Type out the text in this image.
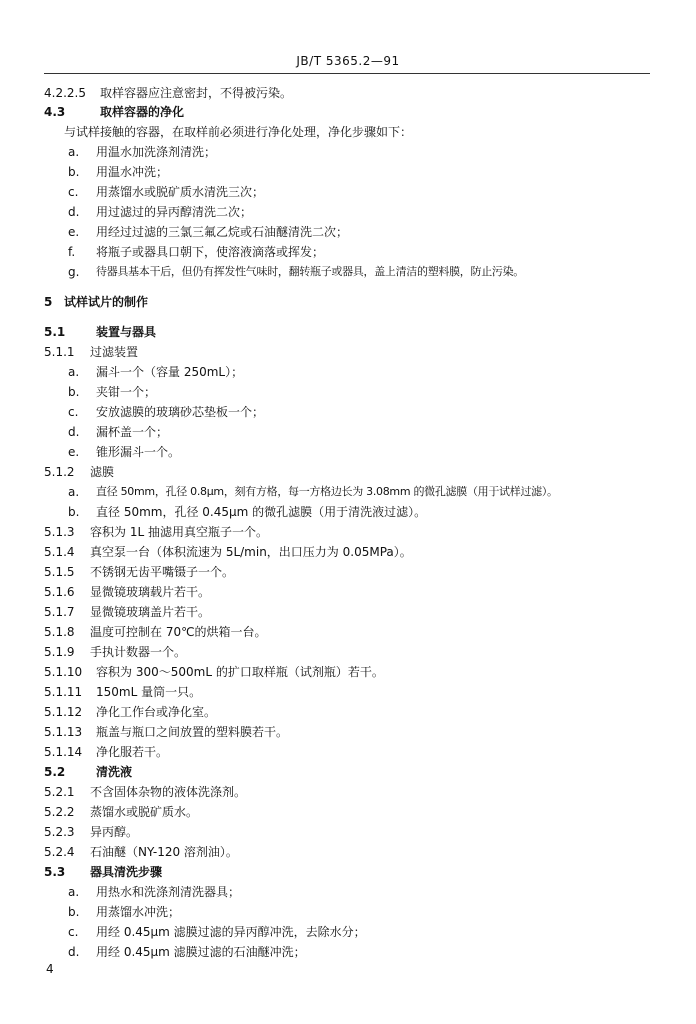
JB/T 5365.2—91
4.2.2.5 取样容器应注意密封，不得被污染。
4.3	取样容器的净化
与试样接触的容器，在取样前必须进行净化处理，净化步骤如下：
a. 用温水加洗涤剂清洗；
b. 用温水冲洗；
c. 用蒸馏水或脱矿质水清洗三次；
d. 用过滤过的异丙醇清洗二次；
e. 用经过过滤的三氯三氟乙烷或石油醚清洗二次；
f. 将瓶子或器具口朝下，使溶液滴落或挥发；
g. 待器具基本干后，但仍有挥发性气味时，翻转瓶子或器具，盖上清洁的塑料膜，防止污染。
5 试样试片的制作
5.1	装置与器具
5.1.1 过滤装置
a. 漏斗一个（容量 250mL）；
b. 夹钳一个；
c. 安放滤膜的玻璃砂芯垫板一个；
d. 漏杯盖一个；
e. 锥形漏斗一个。
5.1.2 滤膜
a. 直径 50mm，孔径 0.8μm，刻有方格，每一方格边长为 3.08mm 的微孔滤膜（用于试样过滤）。
b. 直径 50mm，孔径 0.45μm 的微孔滤膜（用于清洗液过滤）。
5.1.3 容积为 1L 抽滤用真空瓶子一个。
5.1.4 真空泵一台（体积流速为 5L/min，出口压力为 0.05MPa）。
5.1.5 不锈钢无齿平嘴镊子一个。
5.1.6 显微镜玻璃载片若干。
5.1.7 显微镜玻璃盖片若干。
5.1.8 温度可控制在 70℃的烘箱一台。
5.1.9 手执计数器一个。
5.1.10 容积为 300～500mL 的扩口取样瓶（试剂瓶）若干。
5.1.11 150mL 量筒一只。
5.1.12 净化工作台或净化室。
5.1.13 瓶盖与瓶口之间放置的塑料膜若干。
5.1.14 净化服若干。
5.2	清洗液
5.2.1 不含固体杂物的液体洗涤剂。
5.2.2 蒸馏水或脱矿质水。
5.2.3 异丙醇。
5.2.4 石油醚（NY-120 溶剂油）。
5.3 器具清洗步骤
a. 用热水和洗涤剂清洗器具；
b. 用蒸馏水冲洗；
c. 用经 0.45μm 滤膜过滤的异丙醇冲洗，去除水分；
d. 用经 0.45μm 滤膜过滤的石油醚冲洗；
4
